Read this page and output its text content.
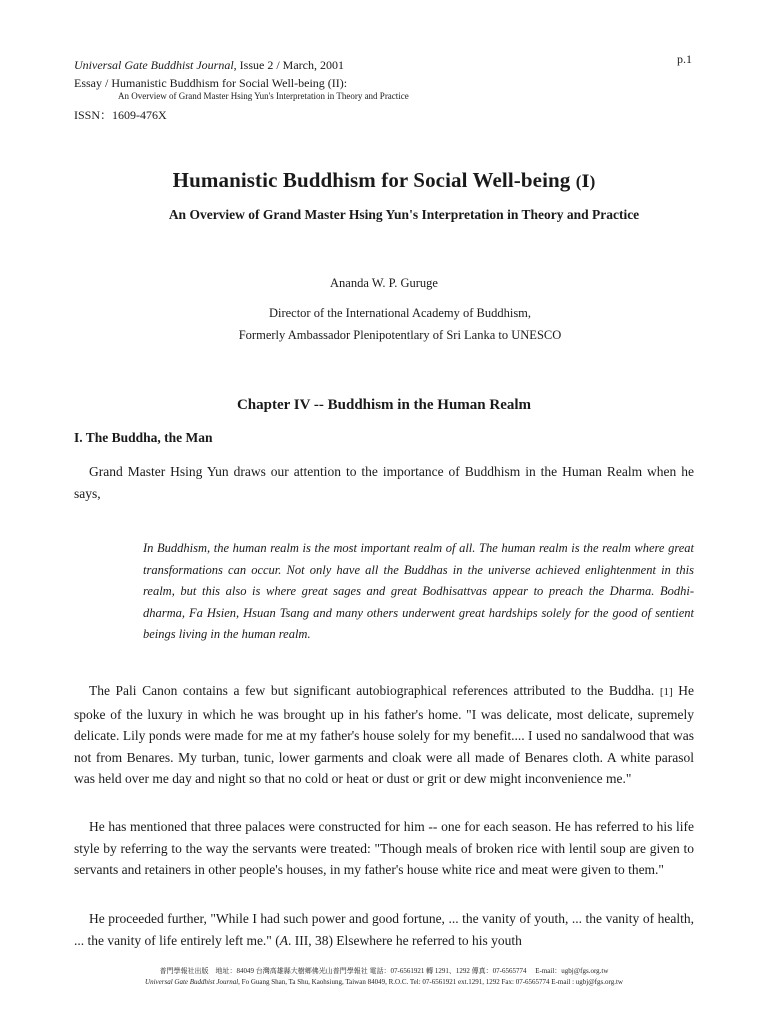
p.1
Universal Gate Buddhist Journal, Issue 2 / March, 2001
Essay / Humanistic Buddhism for Social Well-being (II):
An Overview of Grand Master Hsing Yun's Interpretation in Theory and Practice
ISSN：1609-476X
Humanistic Buddhism for Social Well-being (Ⅰ)
An Overview of Grand Master Hsing Yun's Interpretation in Theory and Practice
Ananda W. P. Guruge
Director of the International Academy of Buddhism,
Formerly Ambassador Plenipotentlary of Sri Lanka to UNESCO
Chapter IV -- Buddhism in the Human Realm
I. The Buddha, the Man
Grand Master Hsing Yun draws our attention to the importance of Buddhism in the Human Realm when he says,
In Buddhism, the human realm is the most important realm of all. The human realm is the realm where great transformations can occur. Not only have all the Buddhas in the universe achieved enlightenment in this realm, but this also is where great sages and great Bodhisattvas appear to preach the Dharma. Bodhi-dharma, Fa Hsien, Hsuan Tsang and many others underwent great hardships solely for the good of sentient beings living in the human realm.
The Pali Canon contains a few but significant autobiographical references attributed to the Buddha. [1] He spoke of the luxury in which he was brought up in his father's home. "I was delicate, most delicate, supremely delicate. Lily ponds were made for me at my father's house solely for my benefit.... I used no sandalwood that was not from Benares. My turban, tunic, lower garments and cloak were all made of Benares cloth. A white parasol was held over me day and night so that no cold or heat or dust or grit or dew might inconvenience me."
He has mentioned that three palaces were constructed for him -- one for each season. He has referred to his life style by referring to the way the servants were treated: "Though meals of broken rice with lentil soup are given to servants and retainers in other people's houses, in my father's house white rice and meat were given to them."
He proceeded further, "While I had such power and good fortune, ... the vanity of youth, ... the vanity of health, ... the vanity of life entirely left me." (A. III, 38) Elsewhere he referred to his youth
普門學報社出版　地址：84049 台灣高雄縣大樹鄉佛光山普門學報社 電話：07-6561921 轉 1291、1292 傳真：07-6565774 　E-mail：ugbj@fgs.org.tw
Universal Gate Buddhist Journal, Fo Guang Shan, Ta Shu, Kaohsiung, Taiwan 84049, R.O.C. Tel: 07-6561921 ext.1291, 1292 Fax: 07-6565774 E-mail : ugbj@fgs.org.tw
